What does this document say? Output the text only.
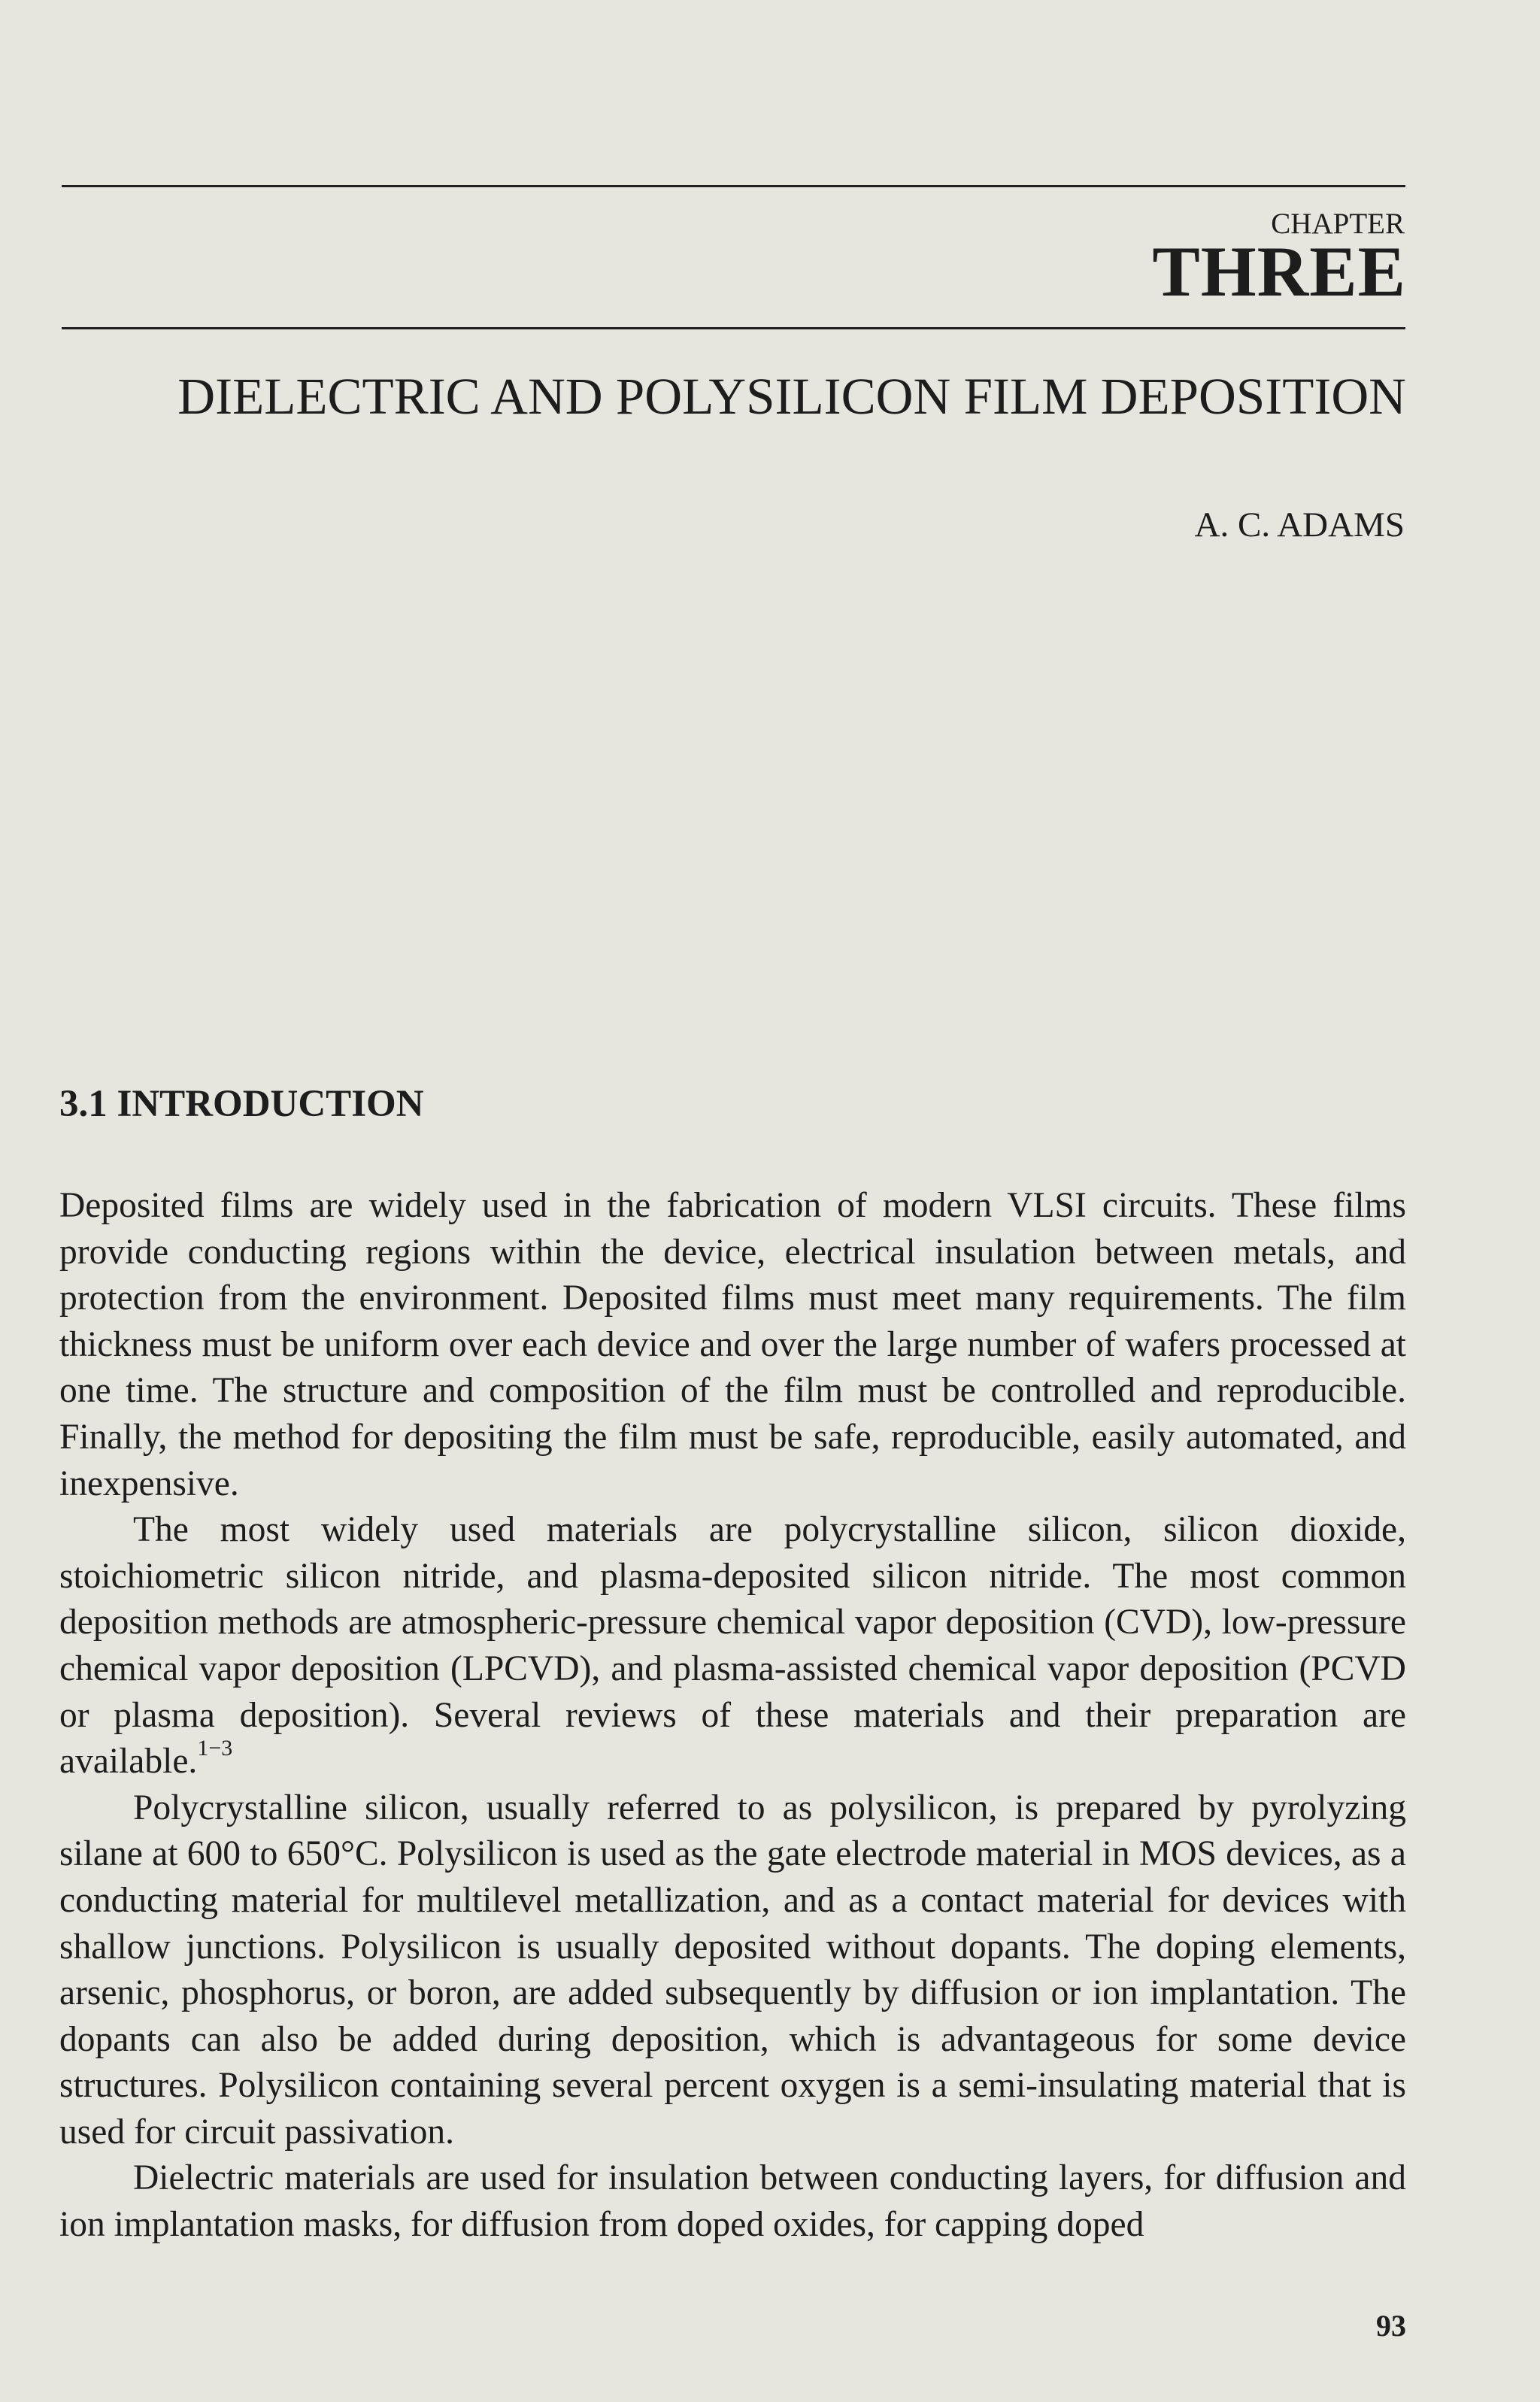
CHAPTER
THREE
DIELECTRIC AND POLYSILICON FILM DEPOSITION
A. C. ADAMS
3.1 INTRODUCTION

Deposited films are widely used in the fabrication of modern VLSI circuits. These films provide conducting regions within the device, electrical insulation between metals, and protection from the environment. Deposited films must meet many requirements. The film thickness must be uniform over each device and over the large number of wafers processed at one time. The structure and composition of the film must be controlled and reproducible. Finally, the method for depositing the film must be safe, reproducible, easily automated, and inexpensive.

The most widely used materials are polycrystalline silicon, silicon dioxide, stoichiometric silicon nitride, and plasma-deposited silicon nitride. The most common deposition methods are atmospheric-pressure chemical vapor deposition (CVD), low-pressure chemical vapor deposition (LPCVD), and plasma-assisted chemical vapor deposition (PCVD or plasma deposition). Several reviews of these materials and their preparation are available.$^{1-3}$

Polycrystalline silicon, usually referred to as polysilicon, is prepared by pyrolyzing silane at 600 to 650°C. Polysilicon is used as the gate electrode material in MOS devices, as a conducting material for multilevel metallization, and as a contact material for devices with shallow junctions. Polysilicon is usually deposited without dopants. The doping elements, arsenic, phosphorus, or boron, are added subsequently by diffusion or ion implantation. The dopants can also be added during deposition, which is advantageous for some device structures. Polysilicon containing several percent oxygen is a semi-insulating material that is used for circuit passivation.

Dielectric materials are used for insulation between conducting layers, for diffusion and ion implantation masks, for diffusion from doped oxides, for capping doped

93
